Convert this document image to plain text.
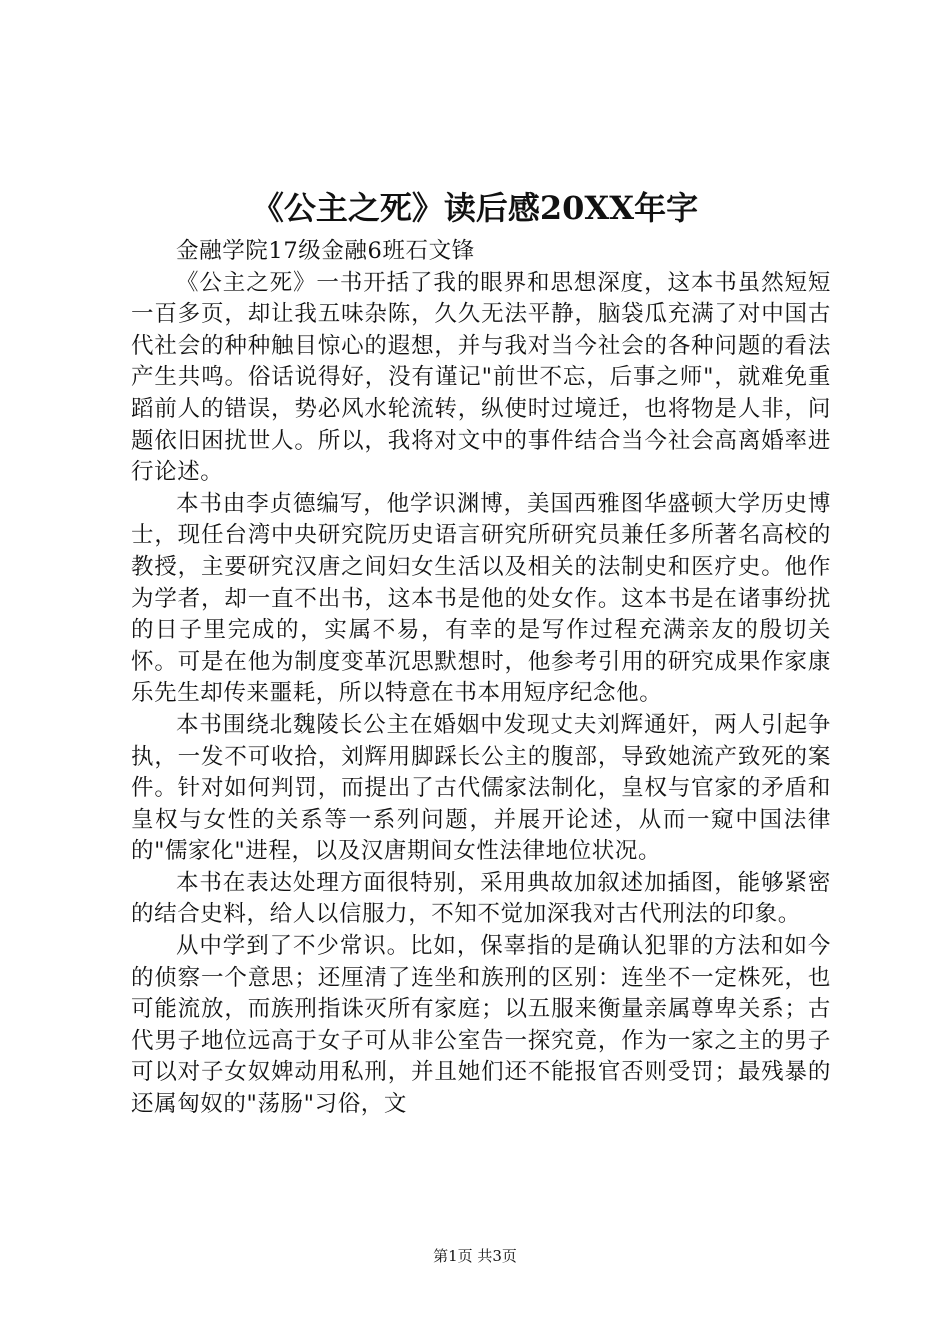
《公主之死》读后感20XX年字

金融学院17级金融6班石文锋

《公主之死》一书开括了我的眼界和思想深度，这本书虽然短短一百多页，却让我五味杂陈，久久无法平静，脑袋瓜充满了对中国古代社会的种种触目惊心的遐想，并与我对当今社会的各种问题的看法产生共鸣。俗话说得好，没有谨记"前世不忘，后事之师"，就难免重蹈前人的错误，势必风水轮流转，纵使时过境迁，也将物是人非，问题依旧困扰世人。所以，我将对文中的事件结合当今社会高离婚率进行论述。

本书由李贞德编写，他学识渊博，美国西雅图华盛顿大学历史博士，现任台湾中央研究院历史语言研究所研究员兼任多所著名高校的教授，主要研究汉唐之间妇女生活以及相关的法制史和医疗史。他作为学者，却一直不出书，这本书是他的处女作。这本书是在诸事纷扰的日子里完成的，实属不易，有幸的是写作过程充满亲友的殷切关怀。可是在他为制度变革沉思默想时，他参考引用的研究成果作家康乐先生却传来噩耗，所以特意在书本用短序纪念他。

本书围绕北魏陵长公主在婚姻中发现丈夫刘辉通奸，两人引起争执，一发不可收拾，刘辉用脚踩长公主的腹部，导致她流产致死的案件。针对如何判罚，而提出了古代儒家法制化，皇权与官家的矛盾和皇权与女性的关系等一系列问题，并展开论述，从而一窥中国法律的"儒家化"进程，以及汉唐期间女性法律地位状况。

本书在表达处理方面很特别，采用典故加叙述加插图，能够紧密的结合史料，给人以信服力，不知不觉加深我对古代刑法的印象。

从中学到了不少常识。比如，保辜指的是确认犯罪的方法和如今的侦察一个意思；还厘清了连坐和族刑的区别：连坐不一定株死，也可能流放，而族刑指诛灭所有家庭；以五服来衡量亲属尊卑关系；古代男子地位远高于女子可从非公室告一探究竟，作为一家之主的男子可以对子女奴婢动用私刑，并且她们还不能报官否则受罚；最残暴的还属匈奴的"荡肠"习俗，文

第1页 共3页
